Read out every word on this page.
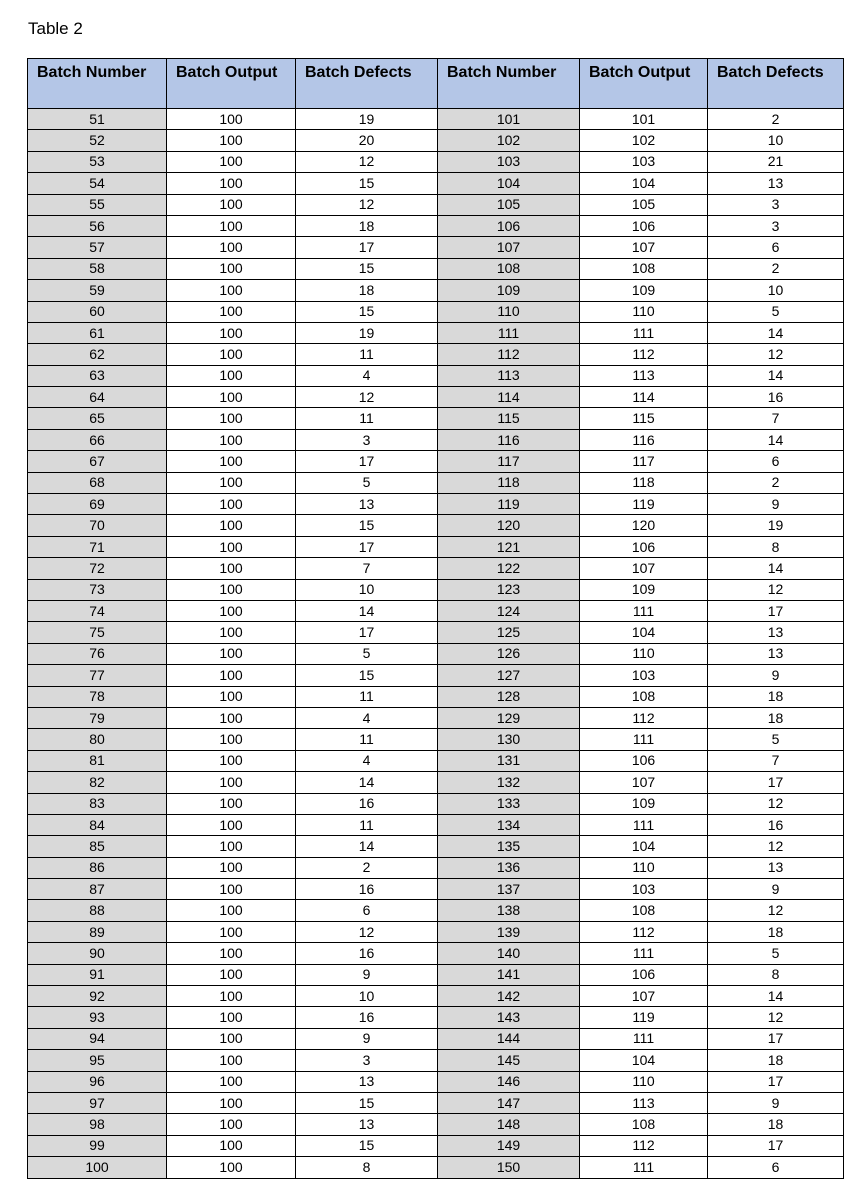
Table 2
Batch Number	Batch Output	Batch Defects	Batch Number	Batch Output	Batch Defects
51	100	19	101	101	2
52	100	20	102	102	10
53	100	12	103	103	21
54	100	15	104	104	13
55	100	12	105	105	3
56	100	18	106	106	3
57	100	17	107	107	6
58	100	15	108	108	2
59	100	18	109	109	10
60	100	15	110	110	5
61	100	19	111	111	14
62	100	11	112	112	12
63	100	4	113	113	14
64	100	12	114	114	16
65	100	11	115	115	7
66	100	3	116	116	14
67	100	17	117	117	6
68	100	5	118	118	2
69	100	13	119	119	9
70	100	15	120	120	19
71	100	17	121	106	8
72	100	7	122	107	14
73	100	10	123	109	12
74	100	14	124	111	17
75	100	17	125	104	13
76	100	5	126	110	13
77	100	15	127	103	9
78	100	11	128	108	18
79	100	4	129	112	18
80	100	11	130	111	5
81	100	4	131	106	7
82	100	14	132	107	17
83	100	16	133	109	12
84	100	11	134	111	16
85	100	14	135	104	12
86	100	2	136	110	13
87	100	16	137	103	9
88	100	6	138	108	12
89	100	12	139	112	18
90	100	16	140	111	5
91	100	9	141	106	8
92	100	10	142	107	14
93	100	16	143	119	12
94	100	9	144	111	17
95	100	3	145	104	18
96	100	13	146	110	17
97	100	15	147	113	9
98	100	13	148	108	18
99	100	15	149	112	17
100	100	8	150	111	6
